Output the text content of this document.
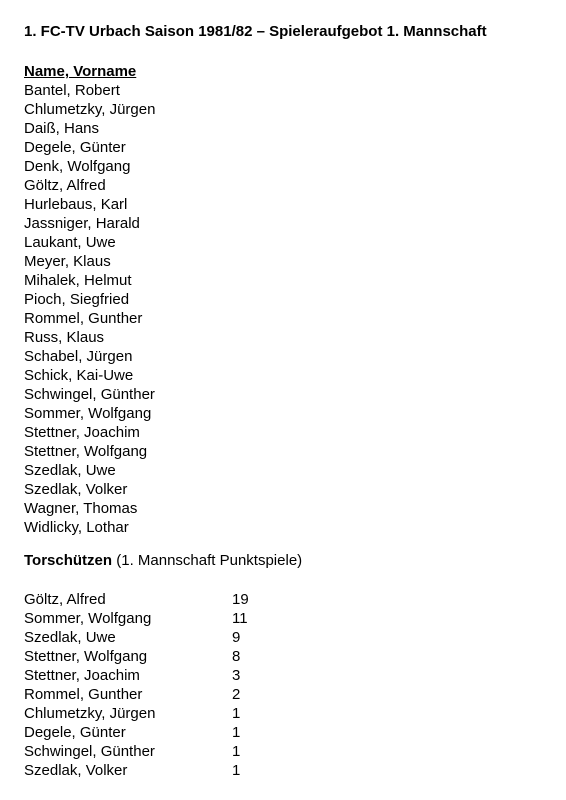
1. FC-TV Urbach Saison 1981/82 – Spieleraufgebot 1. Mannschaft
Name, Vorname
Bantel, Robert
Chlumetzky, Jürgen
Daiß, Hans
Degele, Günter
Denk, Wolfgang
Göltz, Alfred
Hurlebaus, Karl
Jassniger, Harald
Laukant, Uwe
Meyer, Klaus
Mihalek, Helmut
Pioch, Siegfried
Rommel, Gunther
Russ, Klaus
Schabel, Jürgen
Schick, Kai-Uwe
Schwingel, Günther
Sommer, Wolfgang
Stettner, Joachim
Stettner, Wolfgang
Szedlak, Uwe
Szedlak, Volker
Wagner, Thomas
Widlicky, Lothar
Torschützen (1. Mannschaft Punktspiele)
Göltz, Alfred	19
Sommer, Wolfgang	11
Szedlak, Uwe	9
Stettner, Wolfgang	8
Stettner, Joachim	3
Rommel, Gunther	2
Chlumetzky, Jürgen	1
Degele, Günter	1
Schwingel, Günther	1
Szedlak, Volker	1
